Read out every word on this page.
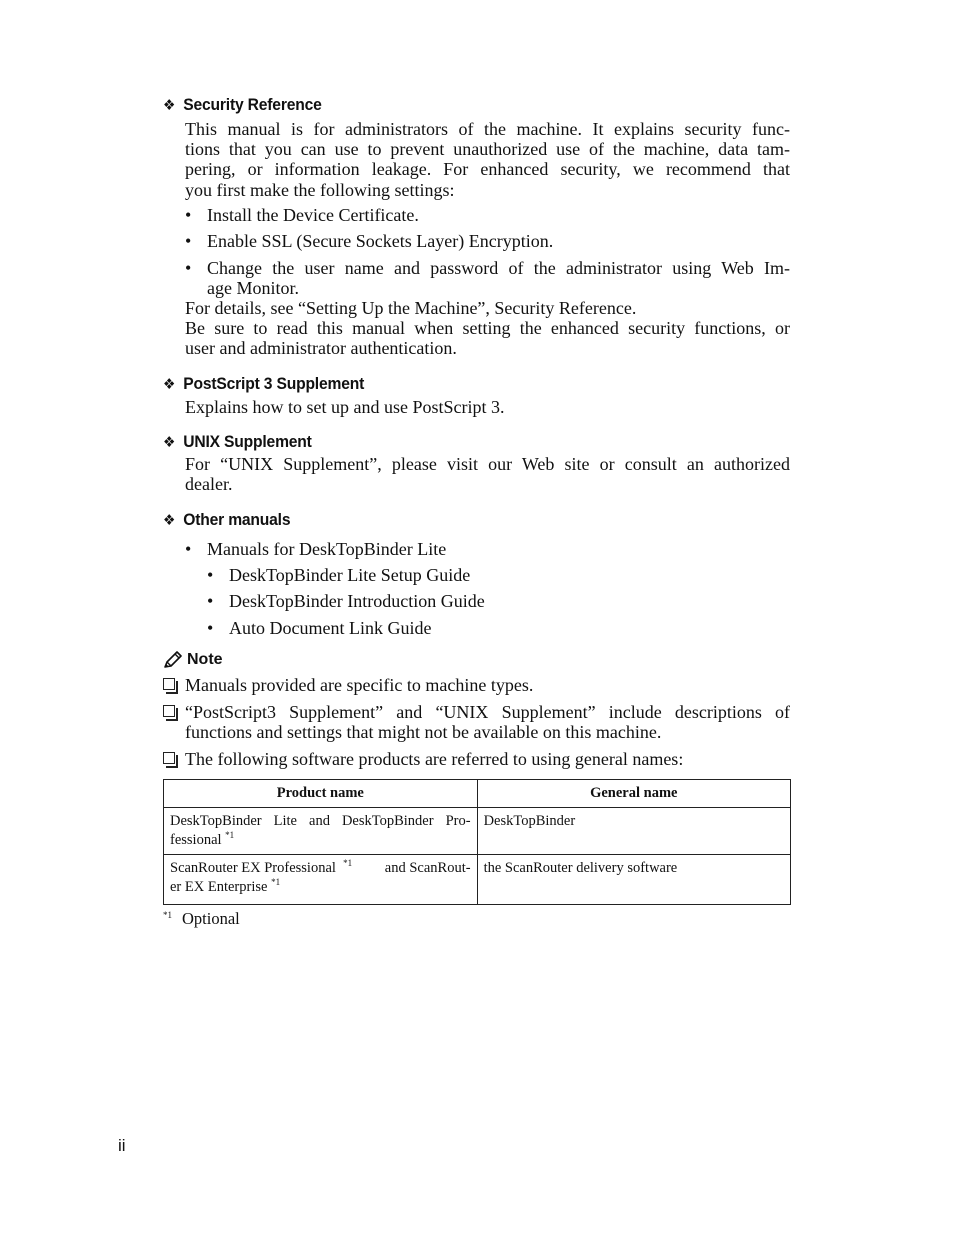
❖ Security Reference
This manual is for administrators of the machine. It explains security func-
tions that you can use to prevent unauthorized use of the machine, data tam-
pering, or information leakage. For enhanced security, we recommend that
you first make the following settings:
• Install the Device Certificate.
• Enable SSL (Secure Sockets Layer) Encryption.
• Change the user name and password of the administrator using Web Im-
age Monitor.
For details, see “Setting Up the Machine”, Security Reference.
Be sure to read this manual when setting the enhanced security functions, or
user and administrator authentication.
❖ PostScript 3 Supplement
Explains how to set up and use PostScript 3.
❖ UNIX Supplement
For “UNIX Supplement”, please visit our Web site or consult an authorized
dealer.
❖ Other manuals
• Manuals for DeskTopBinder Lite
• DeskTopBinder Lite Setup Guide
• DeskTopBinder Introduction Guide
• Auto Document Link Guide
Note
Manuals provided are specific to machine types.
“PostScript3 Supplement” and “UNIX Supplement” include descriptions of
functions and settings that might not be available on this machine.
The following software products are referred to using general names:
Product name	General name

DeskTopBinder Lite and DeskTopBinder Pro-
fessional $^{*1}$	DeskTopBinder

ScanRouter EX Professional $^{*1}$ and ScanRout-
er EX Enterprise $^{*1}$	the ScanRouter delivery software
$^{*1}$ Optional
ii
